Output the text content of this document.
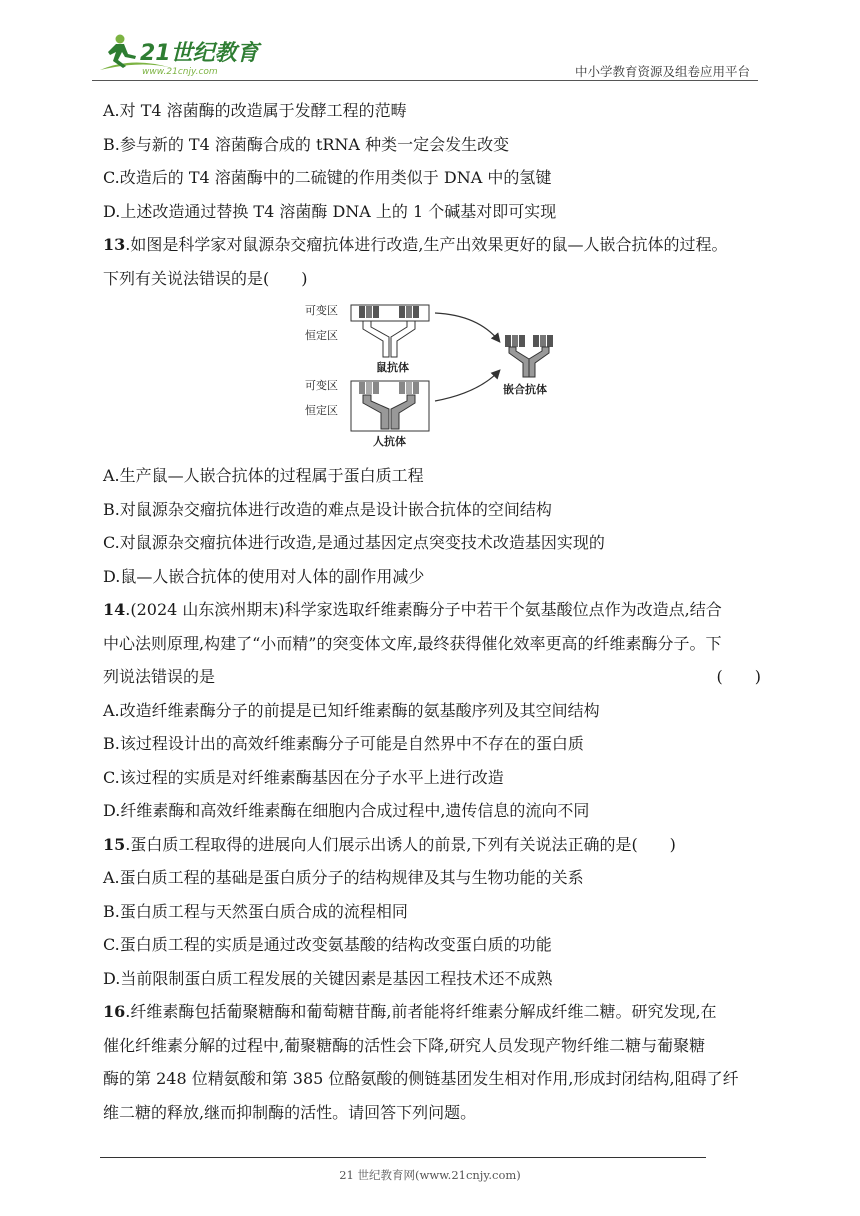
21世纪教育
www.21cnjy.com	中小学教育资源及组卷应用平台

A.对 T4 溶菌酶的改造属于发酵工程的范畴

B.参与新的 T4 溶菌酶合成的 tRNA 种类一定会发生改变

C.改造后的 T4 溶菌酶中的二硫键的作用类似于 DNA 中的氢键

D.上述改造通过替换 T4 溶菌酶 DNA 上的 1 个碱基对即可实现

13.如图是科学家对鼠源杂交瘤抗体进行改造,生产出效果更好的鼠—人嵌合抗体的过程。

下列有关说法错误的是(　　)

可变区
恒定区
鼠抗体
可变区
恒定区
人抗体
嵌合抗体

A.生产鼠—人嵌合抗体的过程属于蛋白质工程

B.对鼠源杂交瘤抗体进行改造的难点是设计嵌合抗体的空间结构

C.对鼠源杂交瘤抗体进行改造,是通过基因定点突变技术改造基因实现的

D.鼠—人嵌合抗体的使用对人体的副作用减少

14.(2024 山东滨州期末)科学家选取纤维素酶分子中若干个氨基酸位点作为改造点,结合

中心法则原理,构建了“小而精”的突变体文库,最终获得催化效率更高的纤维素酶分子。下

列说法错误的是	(　　)

A.改造纤维素酶分子的前提是已知纤维素酶的氨基酸序列及其空间结构

B.该过程设计出的高效纤维素酶分子可能是自然界中不存在的蛋白质

C.该过程的实质是对纤维素酶基因在分子水平上进行改造

D.纤维素酶和高效纤维素酶在细胞内合成过程中,遗传信息的流向不同

15.蛋白质工程取得的进展向人们展示出诱人的前景,下列有关说法正确的是(　　)

A.蛋白质工程的基础是蛋白质分子的结构规律及其与生物功能的关系

B.蛋白质工程与天然蛋白质合成的流程相同

C.蛋白质工程的实质是通过改变氨基酸的结构改变蛋白质的功能

D.当前限制蛋白质工程发展的关键因素是基因工程技术还不成熟

16.纤维素酶包括葡聚糖酶和葡萄糖苷酶,前者能将纤维素分解成纤维二糖。研究发现,在

催化纤维素分解的过程中,葡聚糖酶的活性会下降,研究人员发现产物纤维二糖与葡聚糖

酶的第 248 位精氨酸和第 385 位酪氨酸的侧链基团发生相对作用,形成封闭结构,阻碍了纤

维二糖的释放,继而抑制酶的活性。请回答下列问题。

21 世纪教育网(www.21cnjy.com)
